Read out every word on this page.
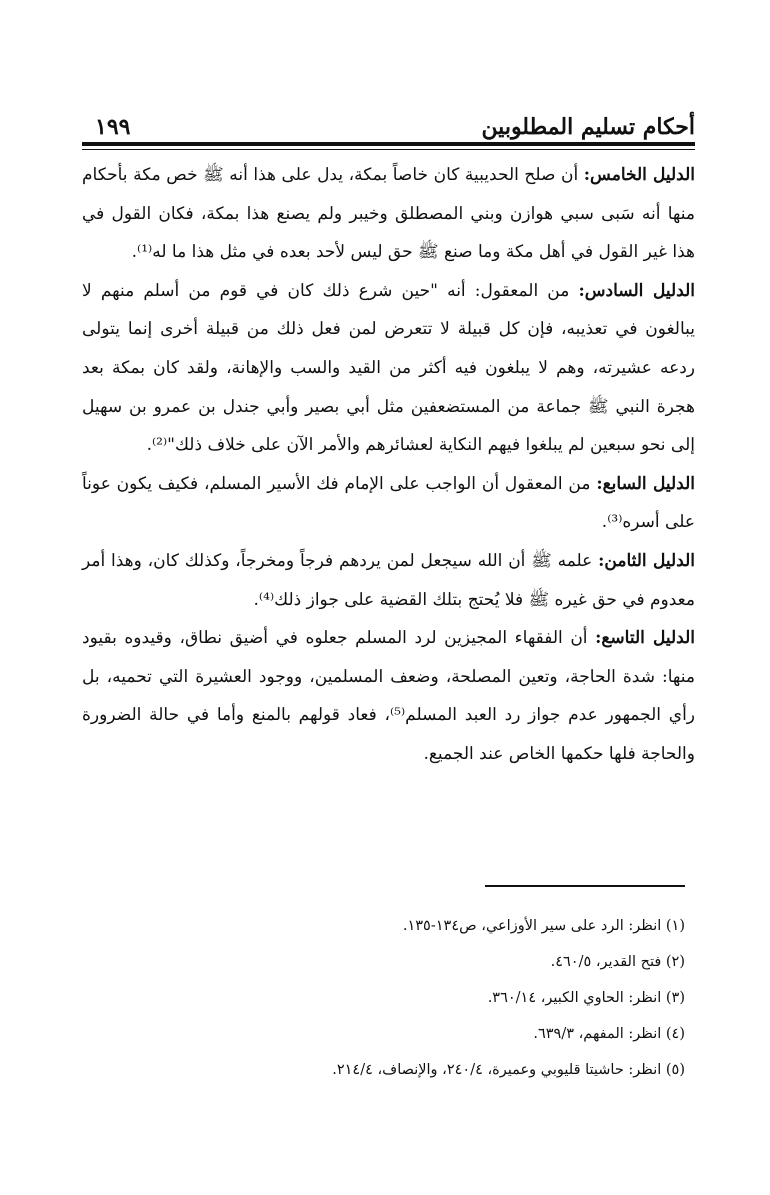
أحكام تسليم المطلوبين
١٩٩

الدليل الخامس: أن صلح الحديبية كان خاصاً بمكة، يدل على هذا أنه ﷺ خص مكة بأحكام منها أنه سَبى سبي هوازن وبني المصطلق وخيبر ولم يصنع هذا بمكة، فكان القول في هذا غير القول في أهل مكة وما صنع ﷺ حق ليس لأحد بعده في مثل هذا ما له⁽¹⁾.

الدليل السادس: من المعقول: أنه "حين شرع ذلك كان في قوم من أسلم منهم لا يبالغون في تعذيبه، فإن كل قبيلة لا تتعرض لمن فعل ذلك من قبيلة أخرى إنما يتولى ردعه عشيرته، وهم لا يبلغون فيه أكثر من القيد والسب والإهانة، ولقد كان بمكة بعد هجرة النبي ﷺ جماعة من المستضعفين مثل أبي بصير وأبي جندل بن عمرو بن سهيل إلى نحو سبعين لم يبلغوا فيهم النكاية لعشائرهم والأمر الآن على خلاف ذلك"⁽²⁾.

الدليل السابع: من المعقول أن الواجب على الإمام فك الأسير المسلم، فكيف يكون عوناً على أسره⁽³⁾.

الدليل الثامن: علمه ﷺ أن الله سيجعل لمن يردهم فرجاً ومخرجاً، وكذلك كان، وهذا أمر معدوم في حق غيره ﷺ فلا يُحتج بتلك القضية على جواز ذلك⁽⁴⁾.

الدليل التاسع: أن الفقهاء المجيزين لرد المسلم جعلوه في أضيق نطاق، وقيدوه بقيود منها: شدة الحاجة، وتعين المصلحة، وضعف المسلمين، ووجود العشيرة التي تحميه، بل رأي الجمهور عدم جواز رد العبد المسلم⁽⁵⁾، فعاد قولهم بالمنع وأما في حالة الضرورة والحاجة فلها حكمها الخاص عند الجميع.

(١) انظر: الرد على سير الأوزاعي، ص١٣٤-١٣٥.

(٢) فتح القدير، ٤٦٠/٥.

(٣) انظر: الحاوي الكبير، ٣٦٠/١٤.

(٤) انظر: المفهم، ٦٣٩/٣.

(٥) انظر: حاشيتا قليوبي وعميرة، ٢٤٠/٤، والإنصاف، ٢١٤/٤.
